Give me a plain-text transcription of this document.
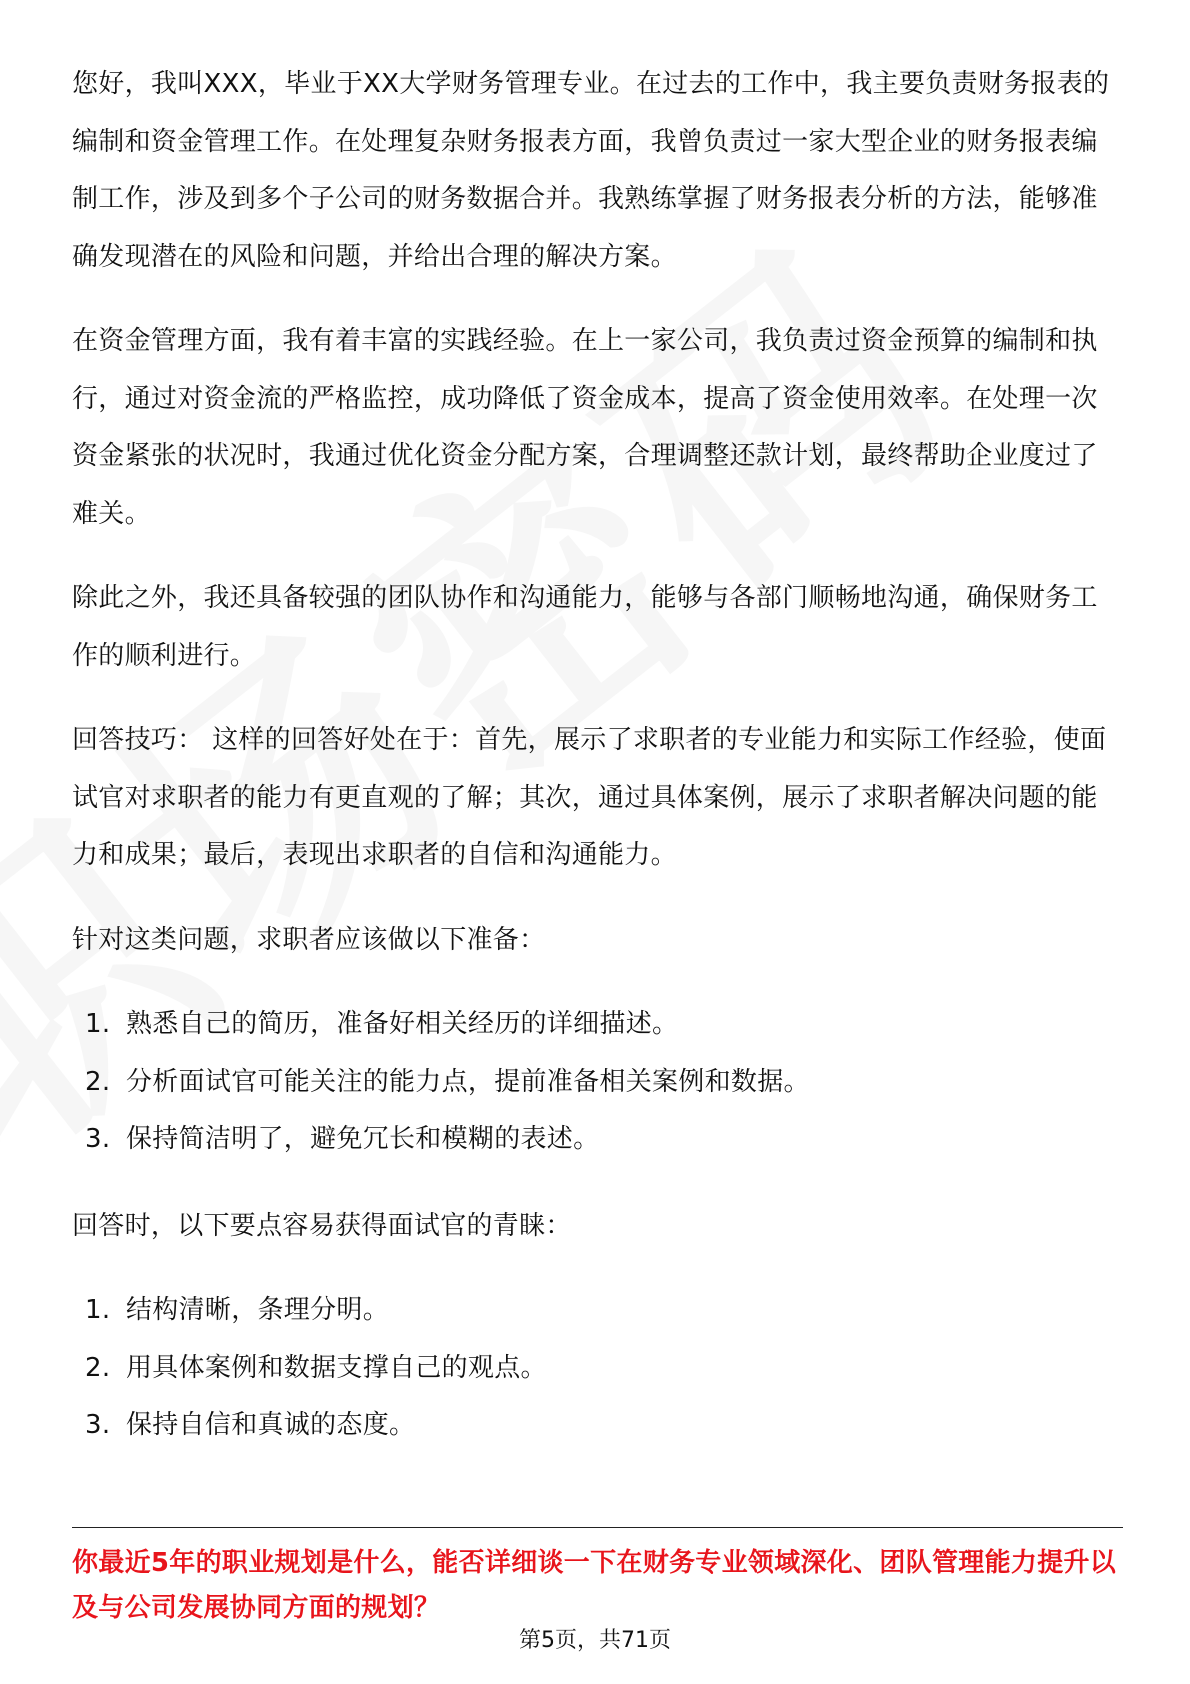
您好，我叫XXX，毕业于XX大学财务管理专业。在过去的工作中，我主要负责财务报表的编制和资金管理工作。在处理复杂财务报表方面，我曾负责过一家大型企业的财务报表编制工作，涉及到多个子公司的财务数据合并。我熟练掌握了财务报表分析的方法，能够准确发现潜在的风险和问题，并给出合理的解决方案。

在资金管理方面，我有着丰富的实践经验。在上一家公司，我负责过资金预算的编制和执行，通过对资金流的严格监控，成功降低了资金成本，提高了资金使用效率。在处理一次资金紧张的状况时，我通过优化资金分配方案，合理调整还款计划，最终帮助企业度过了难关。

除此之外，我还具备较强的团队协作和沟通能力，能够与各部门顺畅地沟通，确保财务工作的顺利进行。

回答技巧： 这样的回答好处在于：首先，展示了求职者的专业能力和实际工作经验，使面试官对求职者的能力有更直观的了解；其次，通过具体案例，展示了求职者解决问题的能力和成果；最后，表现出求职者的自信和沟通能力。

针对这类问题，求职者应该做以下准备：

1. 熟悉自己的简历，准备好相关经历的详细描述。
2. 分析面试官可能关注的能力点，提前准备相关案例和数据。
3. 保持简洁明了，避免冗长和模糊的表述。

回答时，以下要点容易获得面试官的青睐：

1. 结构清晰，条理分明。
2. 用具体案例和数据支撑自己的观点。
3. 保持自信和真诚的态度。

你最近5年的职业规划是什么，能否详细谈一下在财务专业领域深化、团队管理能力提升以及与公司发展协同方面的规划？

第5页，共71页
